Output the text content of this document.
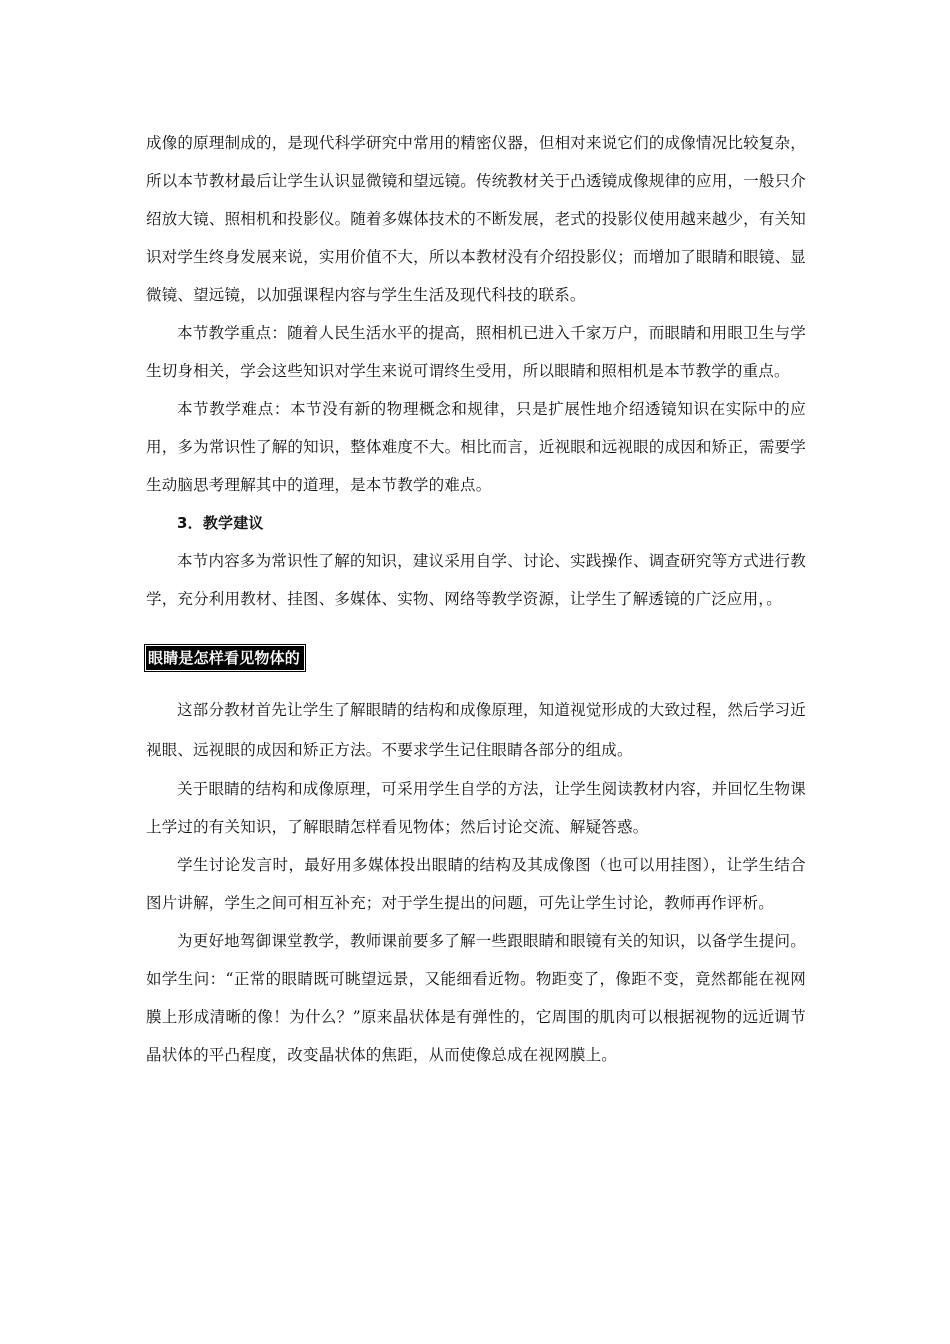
成像的原理制成的，是现代科学研究中常用的精密仪器，但相对来说它们的成像情况比较复杂，所以本节教材最后让学生认识显微镜和望远镜。传统教材关于凸透镜成像规律的应用，一般只介绍放大镜、照相机和投影仪。随着多媒体技术的不断发展，老式的投影仪使用越来越少，有关知识对学生终身发展来说，实用价值不大，所以本教材没有介绍投影仪；而增加了眼睛和眼镜、显微镜、望远镜，以加强课程内容与学生生活及现代科技的联系。

本节教学重点：随着人民生活水平的提高，照相机已进入千家万户，而眼睛和用眼卫生与学生切身相关，学会这些知识对学生来说可谓终生受用，所以眼睛和照相机是本节教学的重点。

本节教学难点：本节没有新的物理概念和规律，只是扩展性地介绍透镜知识在实际中的应用，多为常识性了解的知识，整体难度不大。相比而言，近视眼和远视眼的成因和矫正，需要学生动脑思考理解其中的道理，是本节教学的难点。

3．教学建议

本节内容多为常识性了解的知识，建议采用自学、讨论、实践操作、调查研究等方式进行教学，充分利用教材、挂图、多媒体、实物、网络等教学资源，让学生了解透镜的广泛应用，。

眼睛是怎样看见物体的

这部分教材首先让学生了解眼睛的结构和成像原理，知道视觉形成的大致过程，然后学习近视眼、远视眼的成因和矫正方法。不要求学生记住眼睛各部分的组成。

关于眼睛的结构和成像原理，可采用学生自学的方法，让学生阅读教材内容，并回忆生物课上学过的有关知识，了解眼睛怎样看见物体；然后讨论交流、解疑答惑。

学生讨论发言时，最好用多媒体投出眼睛的结构及其成像图（也可以用挂图），让学生结合图片讲解，学生之间可相互补充；对于学生提出的问题，可先让学生讨论，教师再作评析。

为更好地驾御课堂教学，教师课前要多了解一些跟眼睛和眼镜有关的知识，以备学生提问。如学生问：“正常的眼睛既可眺望远景，又能细看近物。物距变了，像距不变，竟然都能在视网膜上形成清晰的像！为什么？”原来晶状体是有弹性的，它周围的肌肉可以根据视物的远近调节晶状体的平凸程度，改变晶状体的焦距，从而使像总成在视网膜上。
